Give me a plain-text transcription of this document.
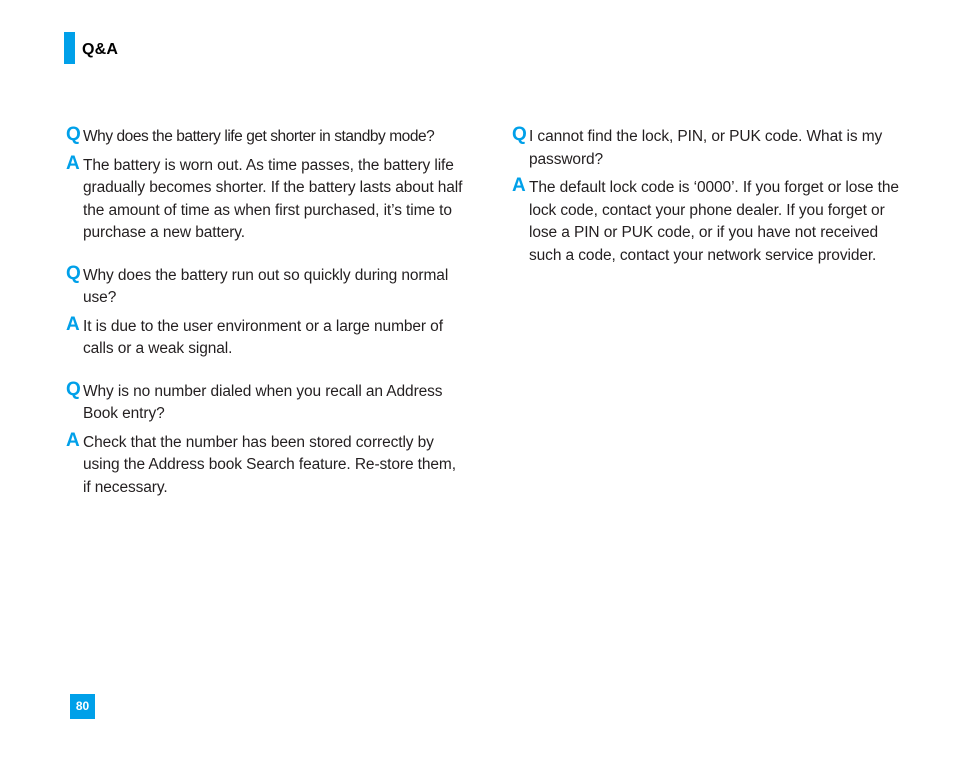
Q&A
Q Why does the battery life get shorter in standby mode?
A The battery is worn out. As time passes, the battery life gradually becomes shorter. If the battery lasts about half the amount of time as when first purchased, it’s time to purchase a new battery.
Q Why does the battery run out so quickly during normal use?
A It is due to the user environment or a large number of calls or a weak signal.
Q Why is no number dialed when you recall an Address Book entry?
A Check that the number has been stored correctly by using the Address book Search feature. Re-store them, if necessary.
Q I cannot find the lock, PIN, or PUK code. What is my password?
A The default lock code is ‘0000’. If you forget or lose the lock code, contact your phone dealer. If you forget or lose a PIN or PUK code, or if you have not received such a code, contact your network service provider.
80
